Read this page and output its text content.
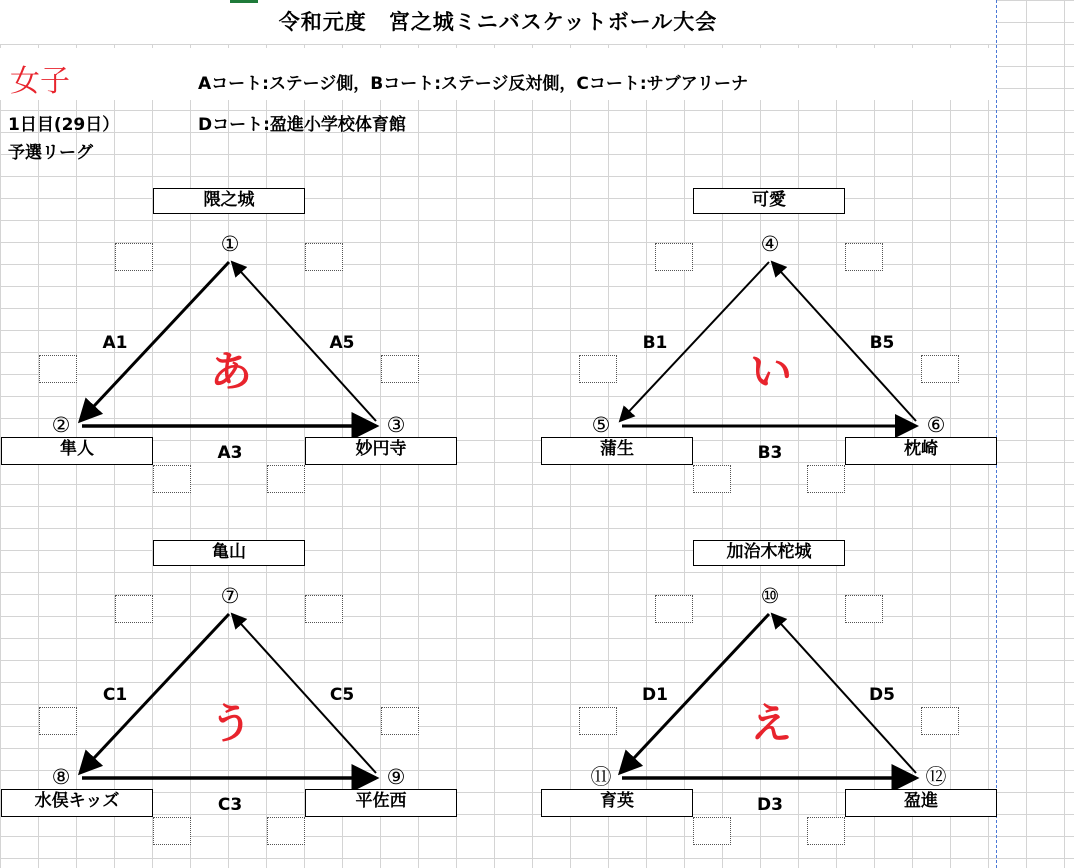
令和元度　宮之城ミニバスケットボール大会
女子	Aコート:ステージ側，Bコート:ステージ反対側，Cコート:サブアリーナ
1日目(29日）	Dコート:盈進小学校体育館
予選リーグ
隈之城
隼人	妙円寺
①
②	③
あ
A1	A5
A3
可愛
蒲生	枕崎
④
⑤	⑥
い
B1	B5
B3
亀山
水俣キッズ	平佐西
⑦
⑧	⑨
う
C1	C5
C3
加治木柁城
育英	盈進
⑩
⑪	⑫
え
D1	D5
D3
